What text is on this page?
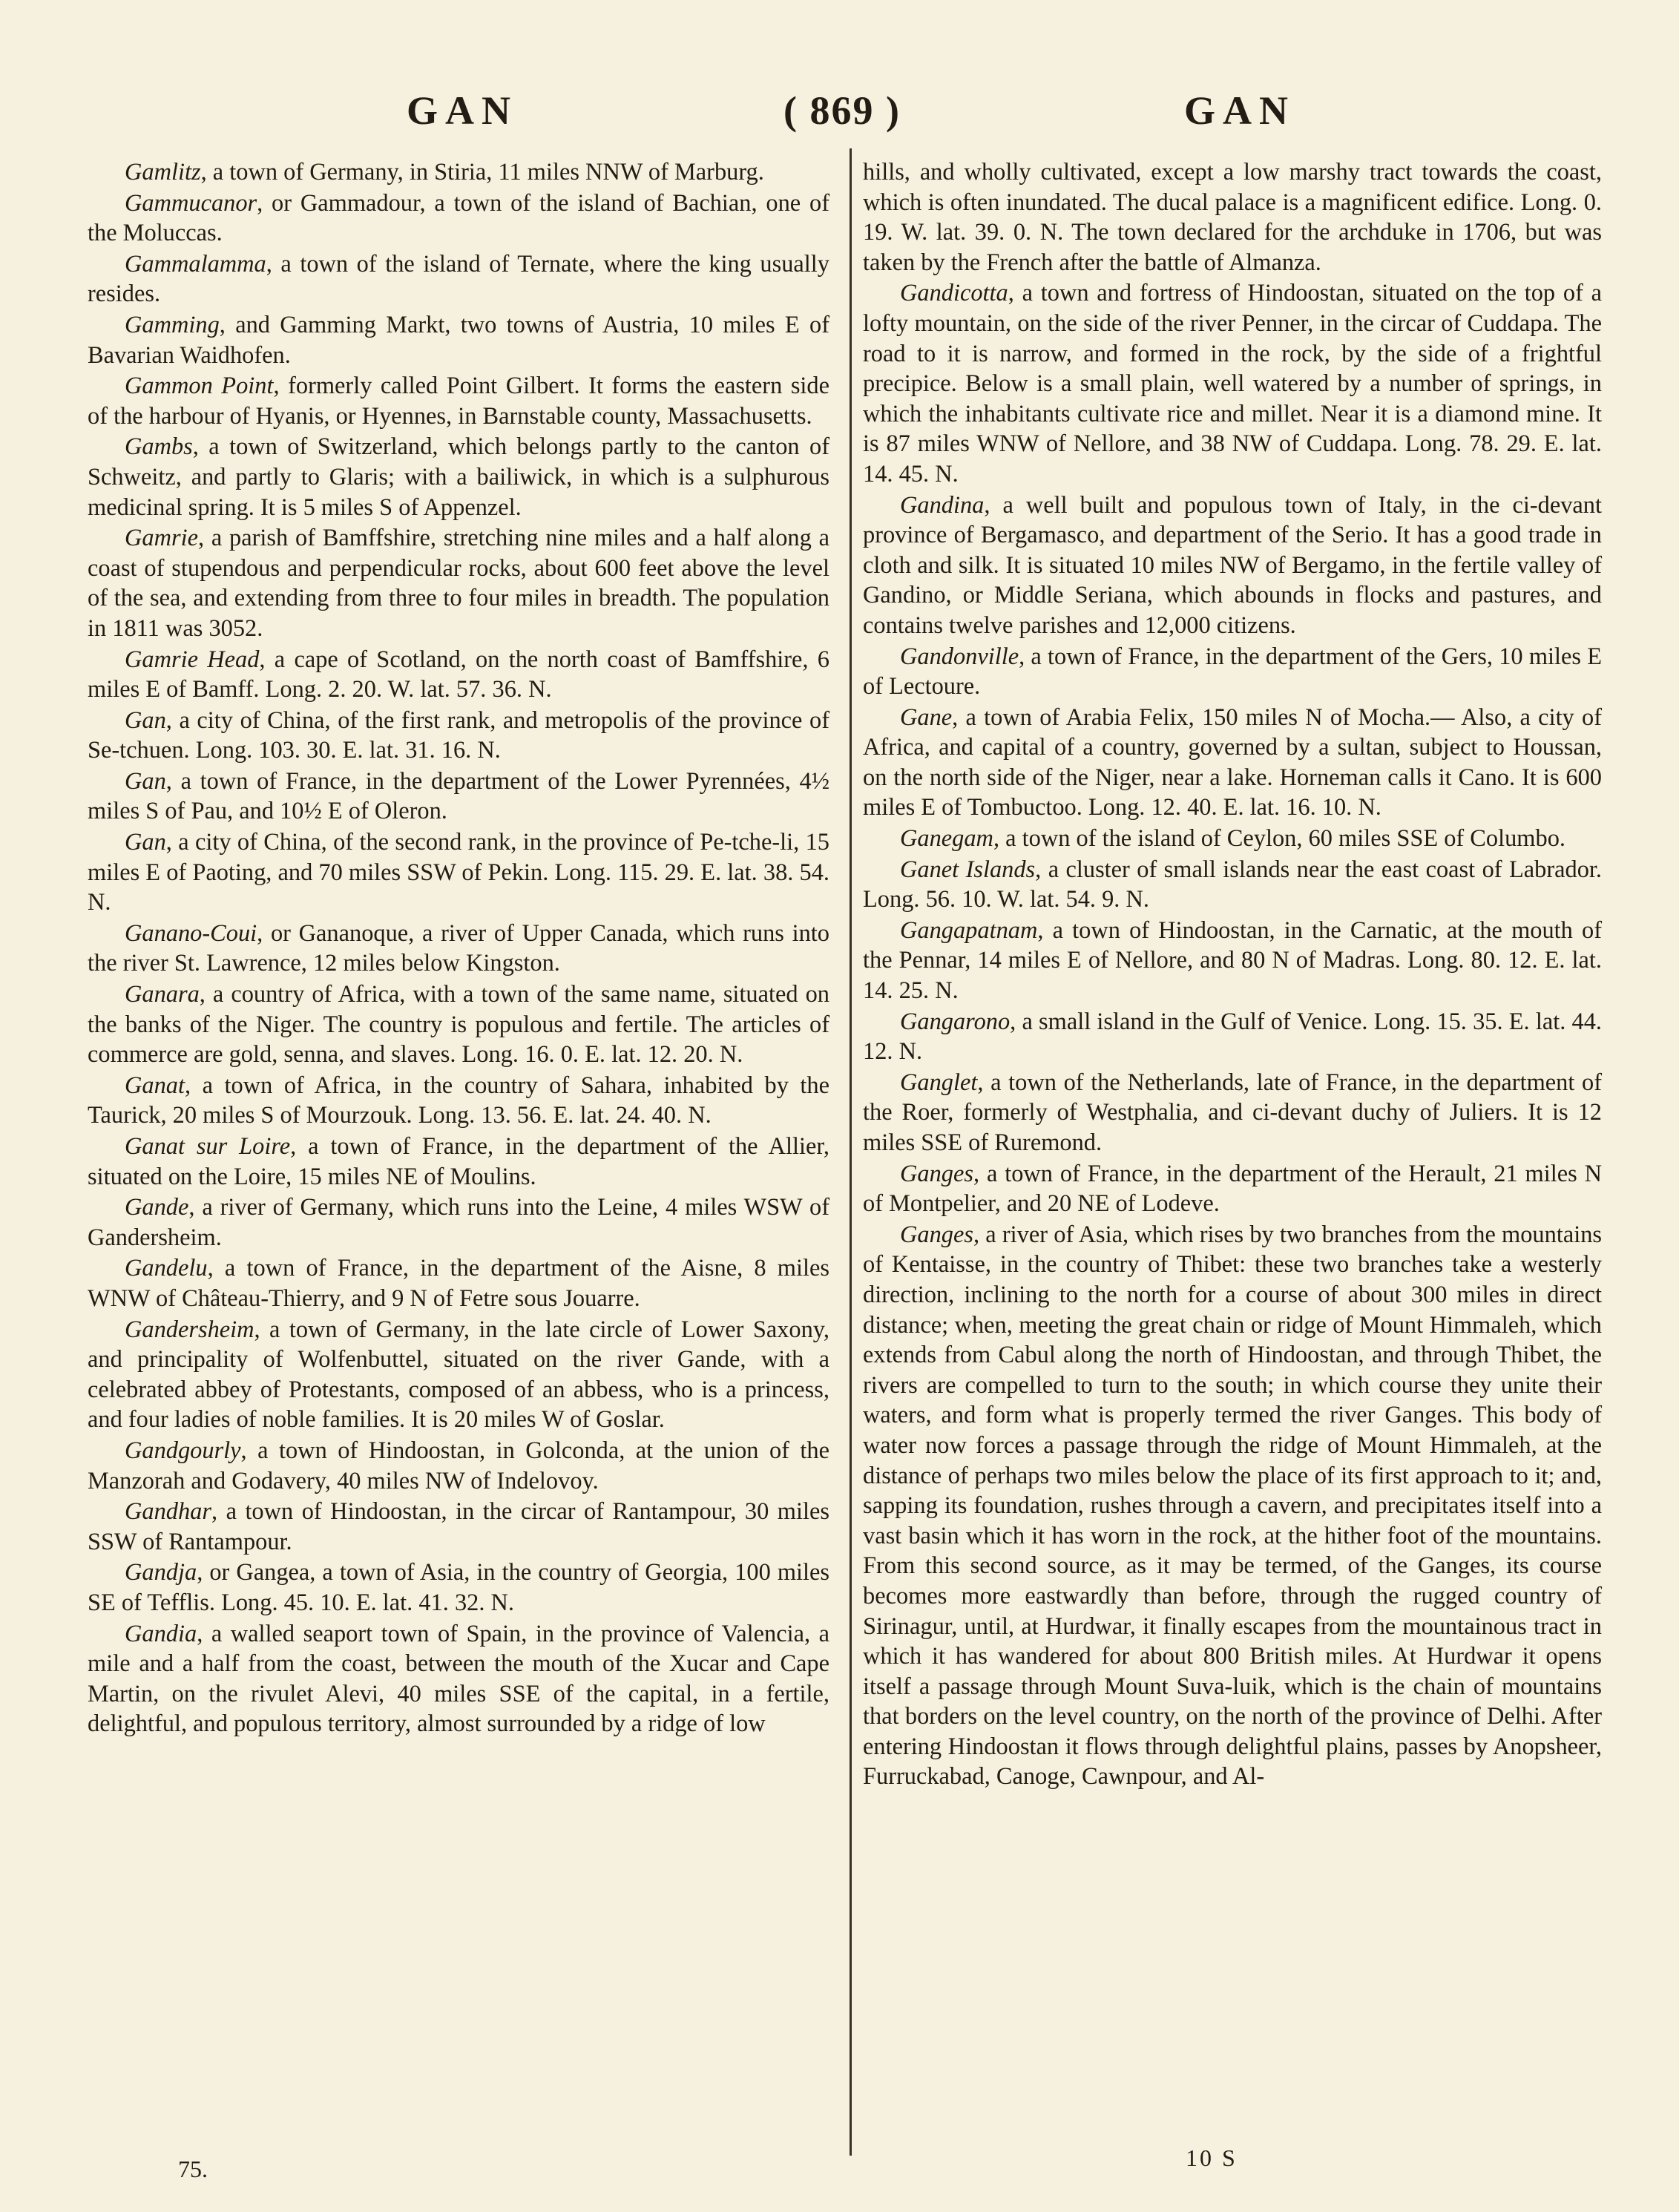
GAN	( 869 )	GAN

Gamlitz, a town of Germany, in Stiria, 11 miles NNW of Marburg.

Gammucanor, or Gammadour, a town of the island of Bachian, one of the Moluccas.

Gammalamma, a town of the island of Ternate, where the king usually resides.

Gamming, and Gamming Markt, two towns of Austria, 10 miles E of Bavarian Waidhofen.

Gammon Point, formerly called Point Gilbert. It forms the eastern side of the harbour of Hyanis, or Hyennes, in Barnstable county, Massachusetts.

Gambs, a town of Switzerland, which belongs partly to the canton of Schweitz, and partly to Glaris; with a bailiwick, in which is a sulphurous medicinal spring. It is 5 miles S of Appenzel.

Gamrie, a parish of Bamffshire, stretching nine miles and a half along a coast of stupendous and perpendicular rocks, about 600 feet above the level of the sea, and extending from three to four miles in breadth. The population in 1811 was 3052.

Gamrie Head, a cape of Scotland, on the north coast of Bamffshire, 6 miles E of Bamff. Long. 2. 20. W. lat. 57. 36. N.

Gan, a city of China, of the first rank, and metropolis of the province of Se-tchuen. Long. 103. 30. E. lat. 31. 16. N.

Gan, a town of France, in the department of the Lower Pyrennées, 4½ miles S of Pau, and 10½ E of Oleron.

Gan, a city of China, of the second rank, in the province of Pe-tche-li, 15 miles E of Paoting, and 70 miles SSW of Pekin. Long. 115. 29. E. lat. 38. 54. N.

Ganano-Coui, or Gananoque, a river of Upper Canada, which runs into the river St. Lawrence, 12 miles below Kingston.

Ganara, a country of Africa, with a town of the same name, situated on the banks of the Niger. The country is populous and fertile. The articles of commerce are gold, senna, and slaves. Long. 16. 0. E. lat. 12. 20. N.

Ganat, a town of Africa, in the country of Sahara, inhabited by the Taurick, 20 miles S of Mourzouk. Long. 13. 56. E. lat. 24. 40. N.

Ganat sur Loire, a town of France, in the department of the Allier, situated on the Loire, 15 miles NE of Moulins.

Gande, a river of Germany, which runs into the Leine, 4 miles WSW of Gandersheim.

Gandelu, a town of France, in the department of the Aisne, 8 miles WNW of Château-Thierry, and 9 N of Fetre sous Jouarre.

Gandersheim, a town of Germany, in the late circle of Lower Saxony, and principality of Wolfenbuttel, situated on the river Gande, with a celebrated abbey of Protestants, composed of an abbess, who is a princess, and four ladies of noble families. It is 20 miles W of Goslar.

Gandgourly, a town of Hindoostan, in Golconda, at the union of the Manzorah and Godavery, 40 miles NW of Indelovoy.

Gandhar, a town of Hindoostan, in the circar of Rantampour, 30 miles SSW of Rantampour.

Gandja, or Gangea, a town of Asia, in the country of Georgia, 100 miles SE of Tefflis. Long. 45. 10. E. lat. 41. 32. N.

Gandia, a walled seaport town of Spain, in the province of Valencia, a mile and a half from the coast, between the mouth of the Xucar and Cape Martin, on the rivulet Alevi, 40 miles SSE of the capital, in a fertile, delightful, and populous territory, almost surrounded by a ridge of low

hills, and wholly cultivated, except a low marshy tract towards the coast, which is often inundated. The ducal palace is a magnificent edifice. Long. 0. 19. W. lat. 39. 0. N. The town declared for the archduke in 1706, but was taken by the French after the battle of Almanza.

Gandicotta, a town and fortress of Hindoostan, situated on the top of a lofty mountain, on the side of the river Penner, in the circar of Cuddapa. The road to it is narrow, and formed in the rock, by the side of a frightful precipice. Below is a small plain, well watered by a number of springs, in which the inhabitants cultivate rice and millet. Near it is a diamond mine. It is 87 miles WNW of Nellore, and 38 NW of Cuddapa. Long. 78. 29. E. lat. 14. 45. N.

Gandina, a well built and populous town of Italy, in the ci-devant province of Bergamasco, and department of the Serio. It has a good trade in cloth and silk. It is situated 10 miles NW of Bergamo, in the fertile valley of Gandino, or Middle Seriana, which abounds in flocks and pastures, and contains twelve parishes and 12,000 citizens.

Gandonville, a town of France, in the department of the Gers, 10 miles E of Lectoure.

Gane, a town of Arabia Felix, 150 miles N of Mocha.— Also, a city of Africa, and capital of a country, governed by a sultan, subject to Houssan, on the north side of the Niger, near a lake. Horneman calls it Cano. It is 600 miles E of Tombuctoo. Long. 12. 40. E. lat. 16. 10. N.

Ganegam, a town of the island of Ceylon, 60 miles SSE of Columbo.

Ganet Islands, a cluster of small islands near the east coast of Labrador. Long. 56. 10. W. lat. 54. 9. N.

Gangapatnam, a town of Hindoostan, in the Carnatic, at the mouth of the Pennar, 14 miles E of Nellore, and 80 N of Madras. Long. 80. 12. E. lat. 14. 25. N.

Gangarono, a small island in the Gulf of Venice. Long. 15. 35. E. lat. 44. 12. N.

Ganglet, a town of the Netherlands, late of France, in the department of the Roer, formerly of Westphalia, and ci-devant duchy of Juliers. It is 12 miles SSE of Ruremond.

Ganges, a town of France, in the department of the Herault, 21 miles N of Montpelier, and 20 NE of Lodeve.

Ganges, a river of Asia, which rises by two branches from the mountains of Kentaisse, in the country of Thibet: these two branches take a westerly direction, inclining to the north for a course of about 300 miles in direct distance; when, meeting the great chain or ridge of Mount Himmaleh, which extends from Cabul along the north of Hindoostan, and through Thibet, the rivers are compelled to turn to the south; in which course they unite their waters, and form what is properly termed the river Ganges. This body of water now forces a passage through the ridge of Mount Himmaleh, at the distance of perhaps two miles below the place of its first approach to it; and, sapping its foundation, rushes through a cavern, and precipitates itself into a vast basin which it has worn in the rock, at the hither foot of the mountains. From this second source, as it may be termed, of the Ganges, its course becomes more eastwardly than before, through the rugged country of Sirinagur, until, at Hurdwar, it finally escapes from the mountainous tract in which it has wandered for about 800 British miles. At Hurdwar it opens itself a passage through Mount Suva-luik, which is the chain of mountains that borders on the level country, on the north of the province of Delhi. After entering Hindoostan it flows through delightful plains, passes by Anopsheer, Furruckabad, Canoge, Cawnpour, and Al-

75.	10 S
